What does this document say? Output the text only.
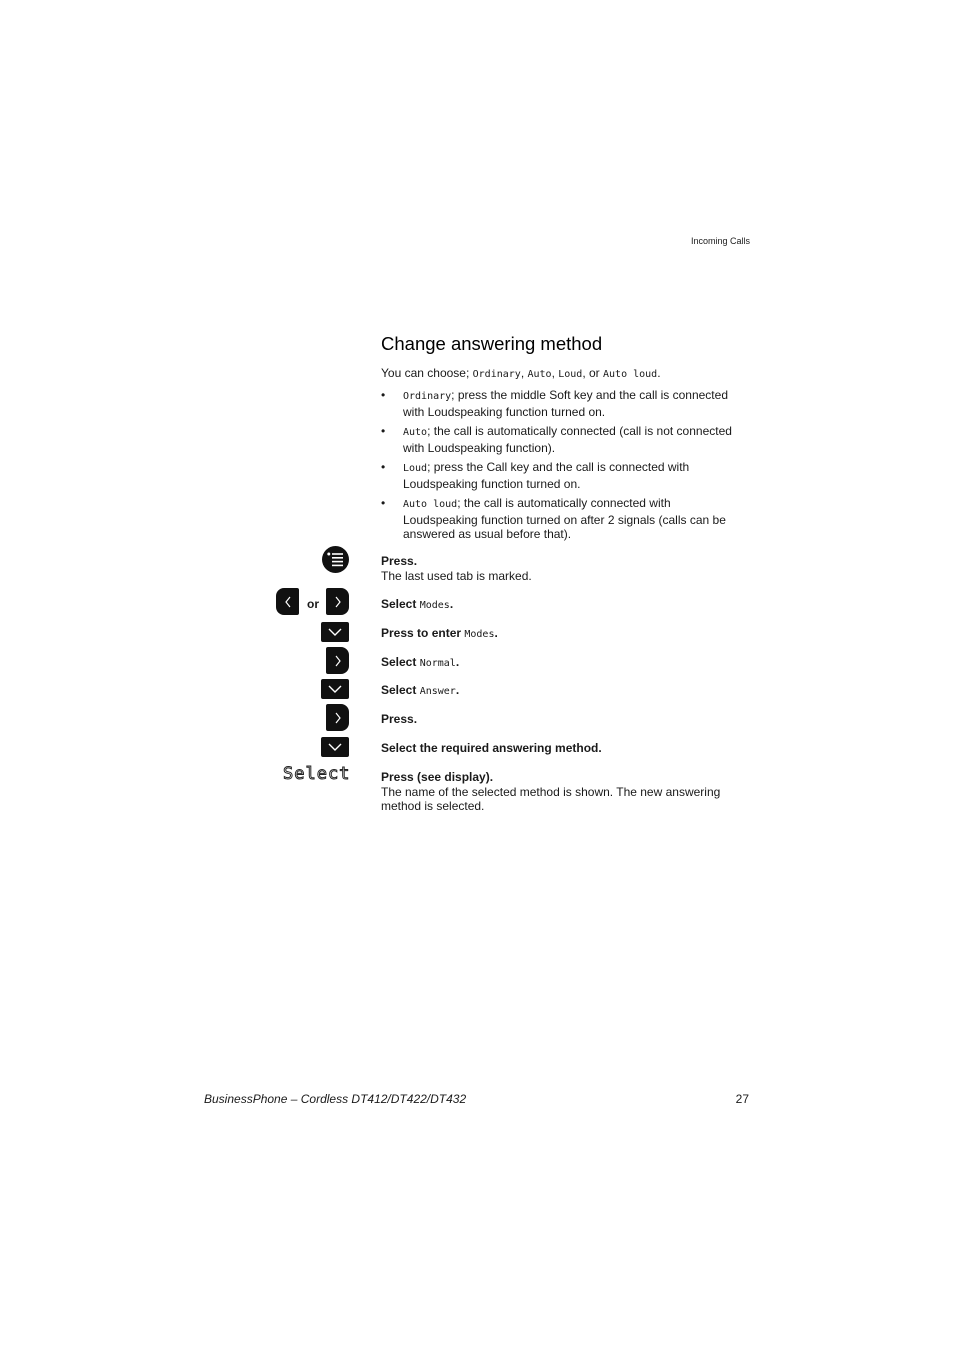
Incoming Calls
Change answering method
You can choose; Ordinary, Auto, Loud, or Auto loud.
• Ordinary; press the middle Soft key and the call is connected
with Loudspeaking function turned on.
• Auto; the call is automatically connected (call is not connected
with Loudspeaking function).
• Loud; press the Call key and the call is connected with
Loudspeaking function turned on.
• Auto loud; the call is automatically connected with
Loudspeaking function turned on after 2 signals (calls can be
answered as usual before that).
Press.
The last used tab is marked.
or	Select Modes.
Press to enter Modes.
Select Normal.
Select Answer.
Press.
Select the required answering method.
Select	Press (see display).
The name of the selected method is shown. The new answering
method is selected.
BusinessPhone – Cordless DT412/DT422/DT432	27
